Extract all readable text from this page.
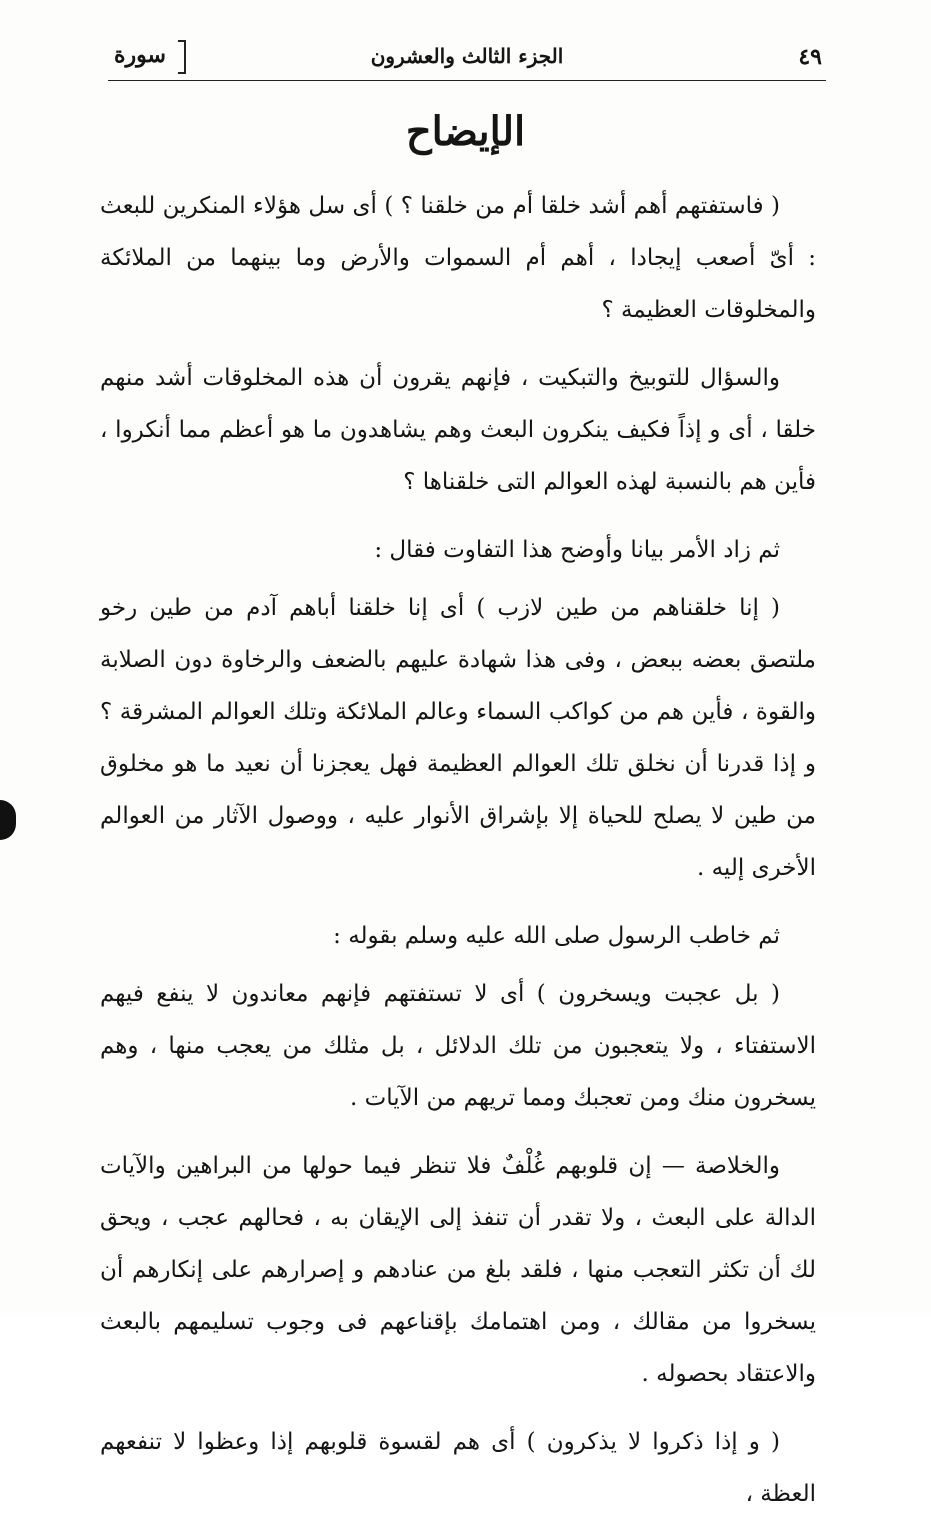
٤٩
الجزء الثالث والعشرون
سورة
الإيضاح

( فاستفتهم أهم أشد خلقا أم من خلقنا ؟ ) أى سل هؤلاء المنكرين للبعث : أىّ أصعب إيجادا ، أهم أم السموات والأرض وما بينهما من الملائكة والمخلوقات العظيمة ؟

والسؤال للتوبيخ والتبكيت ، فإنهم يقرون أن هذه المخلوقات أشد منهم خلقا ، أى و إذاً فكيف ينكرون البعث وهم يشاهدون ما هو أعظم مما أنكروا ، فأين هم بالنسبة لهذه العوالم التى خلقناها ؟

ثم زاد الأمر بيانا وأوضح هذا التفاوت فقال :

( إنا خلقناهم من طين لازب ) أى إنا خلقنا أباهم آدم من طين رخو ملتصق بعضه ببعض ، وفى هذا شهادة عليهم بالضعف والرخاوة دون الصلابة والقوة ، فأين هم من كواكب السماء وعالم الملائكة وتلك العوالم المشرقة ؟ و إذا قدرنا أن نخلق تلك العوالم العظيمة فهل يعجزنا أن نعيد ما هو مخلوق من طين لا يصلح للحياة إلا بإشراق الأنوار عليه ، ووصول الآثار من العوالم الأخرى إليه .

ثم خاطب الرسول صلى الله عليه وسلم بقوله :

( بل عجبت ويسخرون ) أى لا تستفتهم فإنهم معاندون لا ينفع فيهم الاستفتاء ، ولا يتعجبون من تلك الدلائل ، بل مثلك من يعجب منها ، وهم يسخرون منك ومن تعجبك ومما تريهم من الآيات .

والخلاصة — إن قلوبهم غُلْفٌ فلا تنظر فيما حولها من البراهين والآيات الدالة على البعث ، ولا تقدر أن تنفذ إلى الإيقان به ، فحالهم عجب ، ويحق لك أن تكثر التعجب منها ، فلقد بلغ من عنادهم و إصرارهم على إنكارهم أن يسخروا من مقالك ، ومن اهتمامك بإقناعهم فى وجوب تسليمهم بالبعث والاعتقاد بحصوله .

( و إذا ذكروا لا يذكرون ) أى هم لقسوة قلوبهم إذا وعظوا لا تنفعهم العظة ،
